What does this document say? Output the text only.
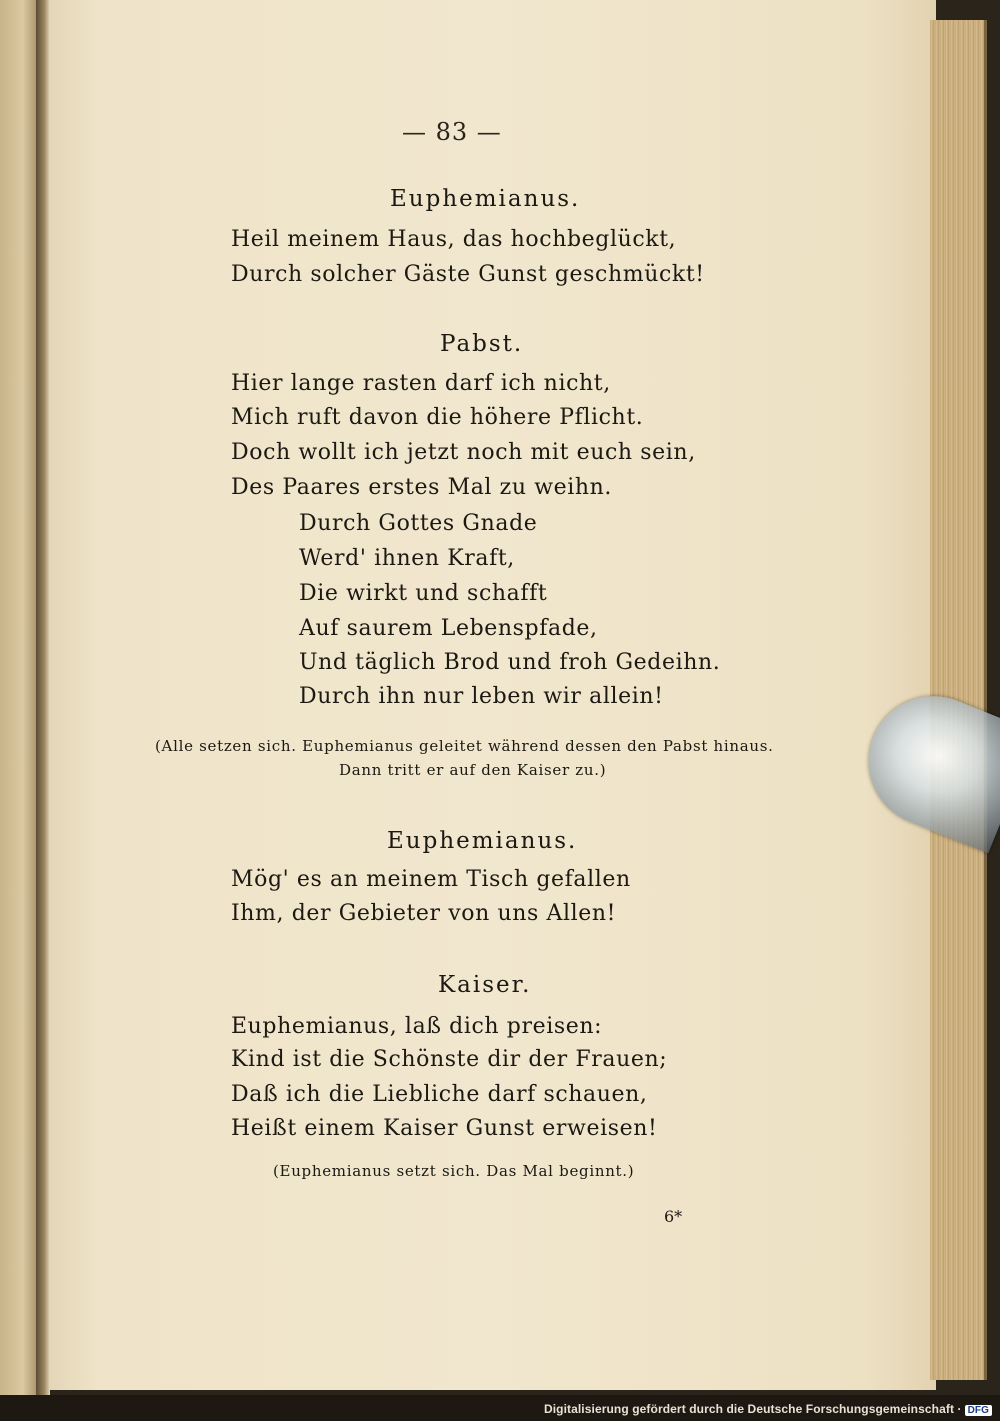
— 83 —
Euphemianus.
Heil meinem Haus, das hochbeglückt,
Durch solcher Gäste Gunst geschmückt!
Pabst.
Hier lange rasten darf ich nicht,
Mich ruft davon die höhere Pflicht.
Doch wollt ich jetzt noch mit euch sein,
Des Paares erstes Mal zu weihn.
Durch Gottes Gnade
Werd' ihnen Kraft,
Die wirkt und schafft
Auf saurem Lebenspfade,
Und täglich Brod und froh Gedeihn.
Durch ihn nur leben wir allein!
(Alle setzen sich. Euphemianus geleitet während dessen den Pabst hinaus.
Dann tritt er auf den Kaiser zu.)
Euphemianus.
Mög' es an meinem Tisch gefallen
Ihm, der Gebieter von uns Allen!
Kaiser.
Euphemianus, laß dich preisen:
Kind ist die Schönste dir der Frauen;
Daß ich die Liebliche darf schauen,
Heißt einem Kaiser Gunst erweisen!
(Euphemianus setzt sich. Das Mal beginnt.)
6*
Digitalisierung gefördert durch die Deutsche Forschungsgemeinschaft · DFG
